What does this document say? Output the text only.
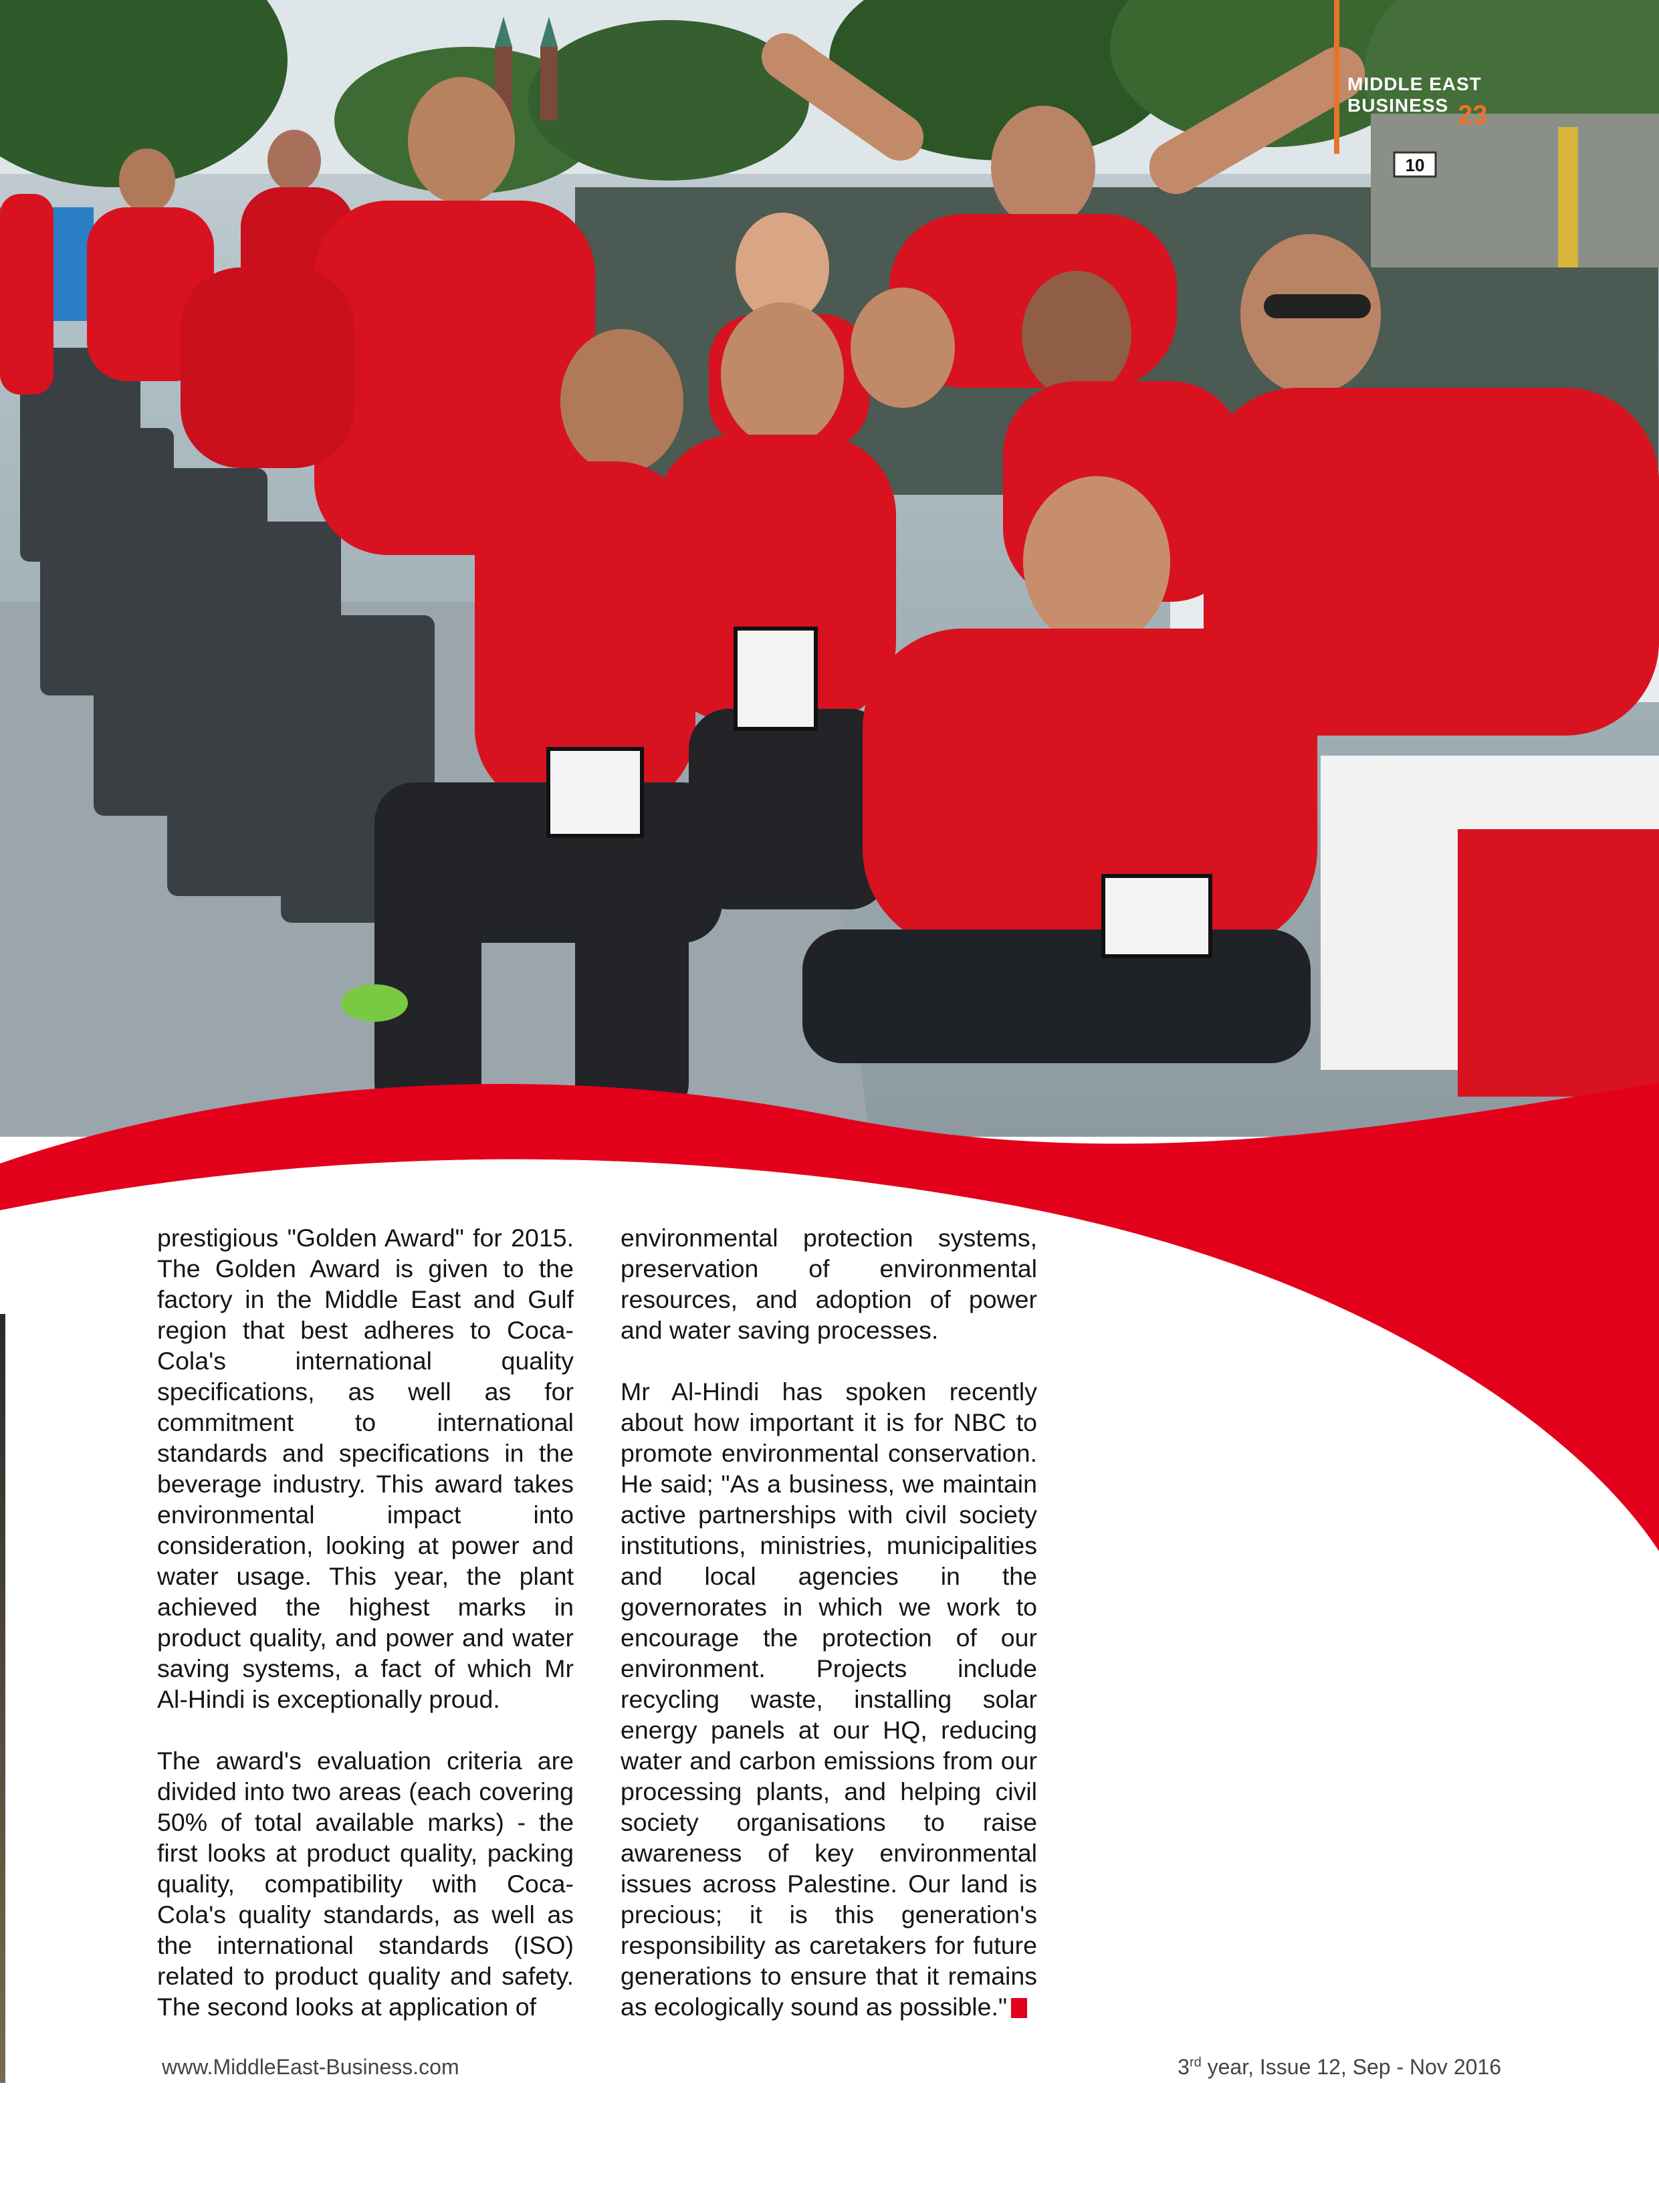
10
MIDDLE EAST
BUSINESS 23

prestigious "Golden Award" for 2015. The Golden Award is given to the factory in the Middle East and Gulf region that best adheres to Coca-Cola's international quality specifications, as well as for commitment to international standards and specifications in the beverage industry. This award takes environmental impact into consideration, looking at power and water usage. This year, the plant achieved the highest marks in product quality, and power and water saving systems, a fact of which Mr Al-Hindi is exceptionally proud.

The award's evaluation criteria are divided into two areas (each covering 50% of total available marks) - the first looks at product quality, packing quality, compatibility with Coca-Cola's quality standards, as well as the international standards (ISO) related to product quality and safety. The second looks at application of

environmental protection systems, preservation of environmental resources, and adoption of power and water saving processes.

Mr Al-Hindi has spoken recently about how important it is for NBC to promote environmental conservation. He said; "As a business, we maintain active partnerships with civil society institutions, ministries, municipalities and local agencies in the governorates in which we work to encourage the protection of our environment. Projects include recycling waste, installing solar energy panels at our HQ, reducing water and carbon emissions from our processing plants, and helping civil society organisations to raise awareness of key environmental issues across Palestine. Our land is precious; it is this generation's responsibility as caretakers for future generations to ensure that it remains as ecologically sound as possible."

www.MiddleEast-Business.com	3rd year, Issue 12, Sep - Nov 2016
